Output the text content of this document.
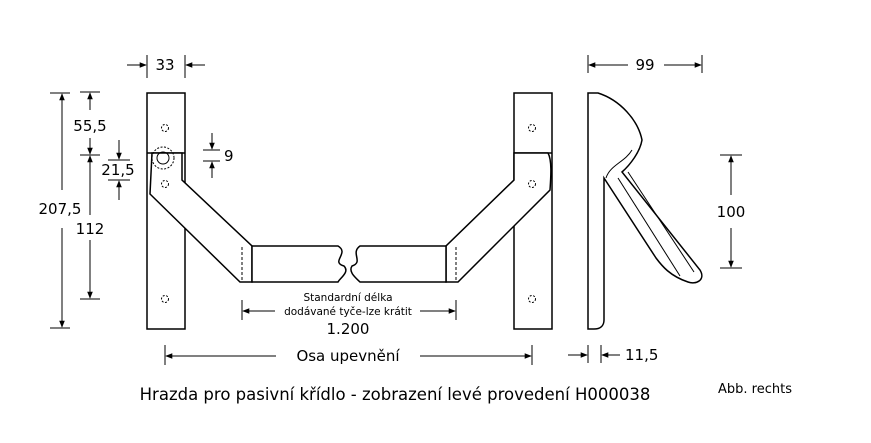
33	99
207,5
55,5
112
21,5
9
100
11,5
Standardní délka
dodávané tyče-lze krátit
1.200
Osa upevnění
Hrazda pro pasivní křídlo - zobrazení levé provedení H000038	Abb. rechts
